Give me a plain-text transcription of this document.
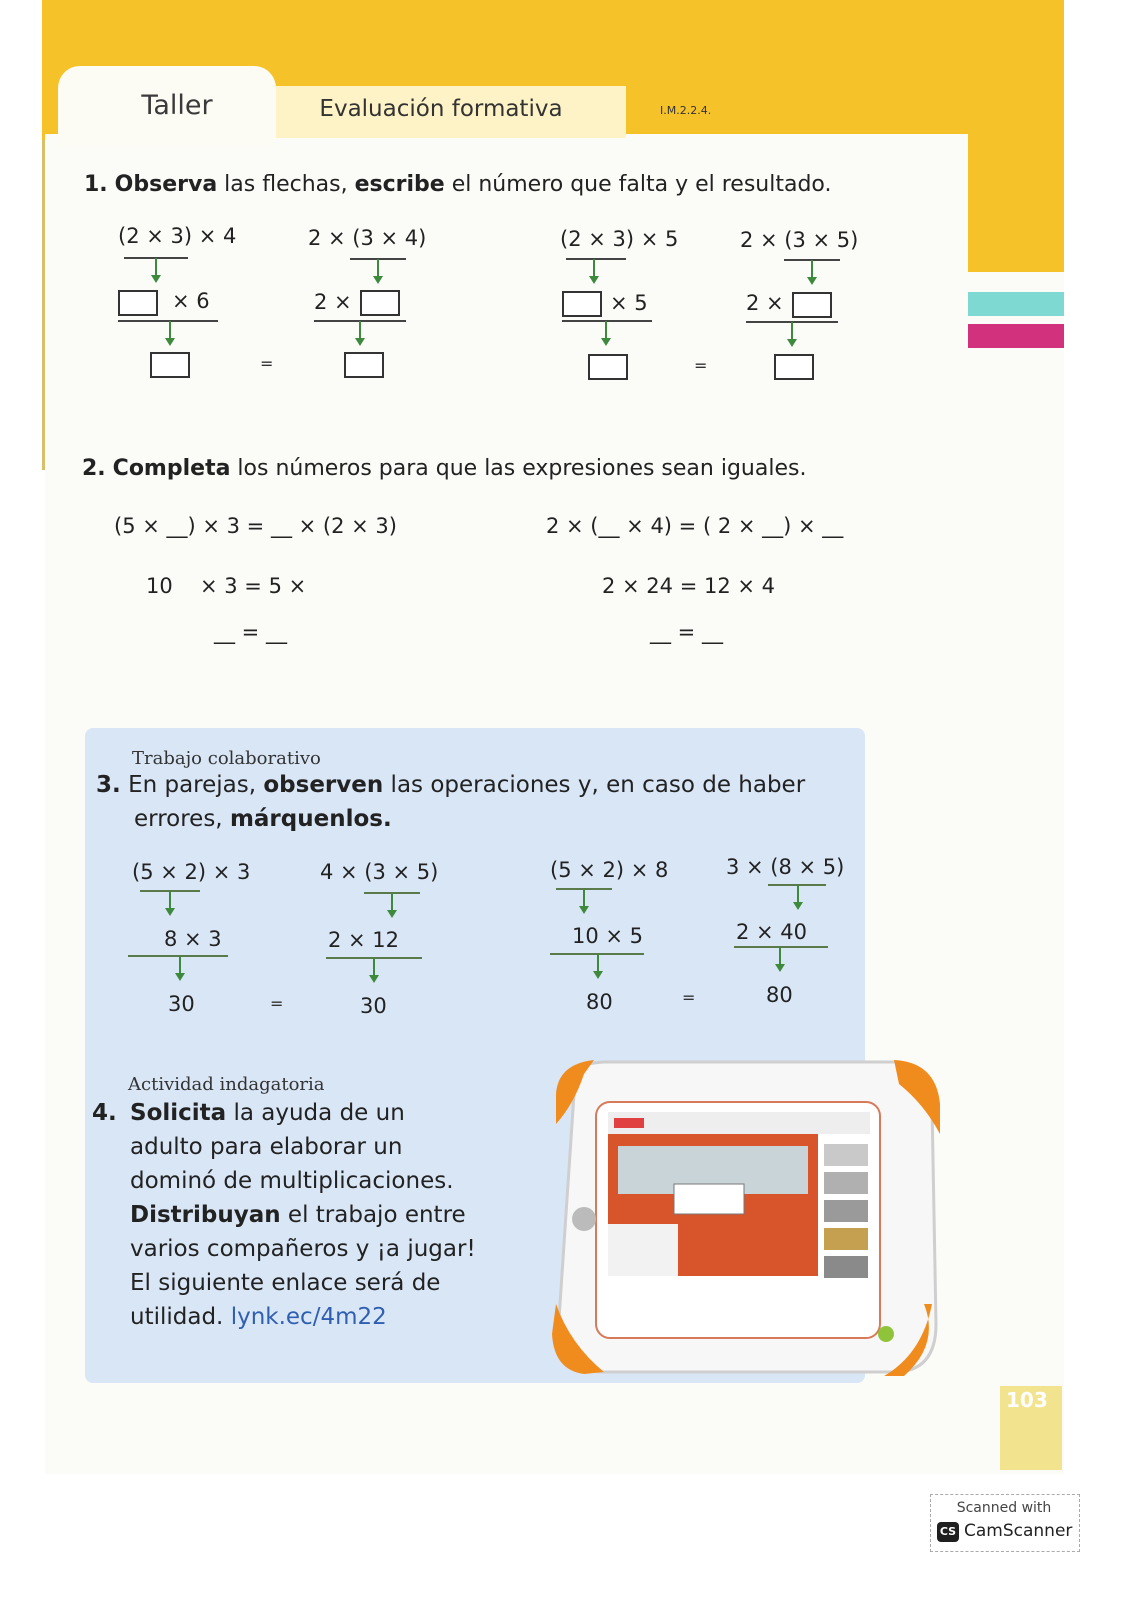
Taller	Evaluación formativa	I.M.2.2.4.
1. Observa las flechas, escribe el número que falta y el resultado.
(2 × 3) × 4
× 6
=
2 × (3 × 4)
2 ×
(2 × 3) × 5
× 5
=
2 × (3 × 5)
2 ×
2. Completa los números para que las expresiones sean iguales.
(5 × __) × 3 = __ × (2 × 3)
10 × 3 = 5 ×
__ = __
2 × (__ × 4) = ( 2 × __) × __
2 × 24 = 12 × 4
__ = __
Trabajo colaborativo
3. En parejas, observen las operaciones y, en caso de haber
errores, márquenlos.
(5 × 2) × 3
8 × 3
30	=
4 × (3 × 5)
2 × 12
30
(5 × 2) × 8
10 × 5
80	=
3 × (8 × 5)
2 × 40
80
Actividad indagatoria
4. Solicita la ayuda de un
adulto para elaborar un
dominó de multiplicaciones.
Distribuyan el trabajo entre
varios compañeros y ¡a jugar!
El siguiente enlace será de
utilidad. lynk.ec/4m22
103
Scanned with
CS CamScanner
